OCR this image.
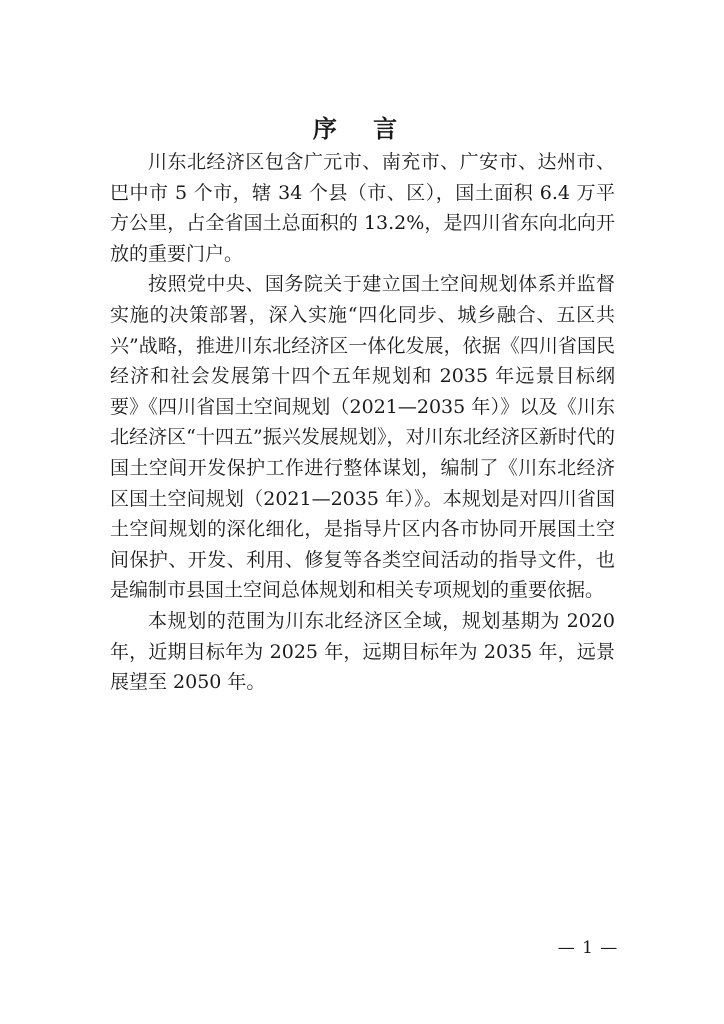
序 言

川东北经济区包含广元市、南充市、广安市、达州市、巴中市 5 个市，辖 34 个县（市、区），国土面积 6.4 万平方公里，占全省国土总面积的 13.2%，是四川省东向北向开放的重要门户。

按照党中央、国务院关于建立国土空间规划体系并监督实施的决策部署，深入实施“四化同步、城乡融合、五区共兴”战略，推进川东北经济区一体化发展，依据《四川省国民经济和社会发展第十四个五年规划和 2035 年远景目标纲要》《四川省国土空间规划（2021—2035 年）》以及《川东北经济区“十四五”振兴发展规划》，对川东北经济区新时代的国土空间开发保护工作进行整体谋划，编制了《川东北经济区国土空间规划（2021—2035 年）》。本规划是对四川省国土空间规划的深化细化，是指导片区内各市协同开展国土空间保护、开发、利用、修复等各类空间活动的指导文件，也是编制市县国土空间总体规划和相关专项规划的重要依据。

本规划的范围为川东北经济区全域，规划基期为 2020 年，近期目标年为 2025 年，远期目标年为 2035 年，远景展望至 2050 年。

— 1 —
